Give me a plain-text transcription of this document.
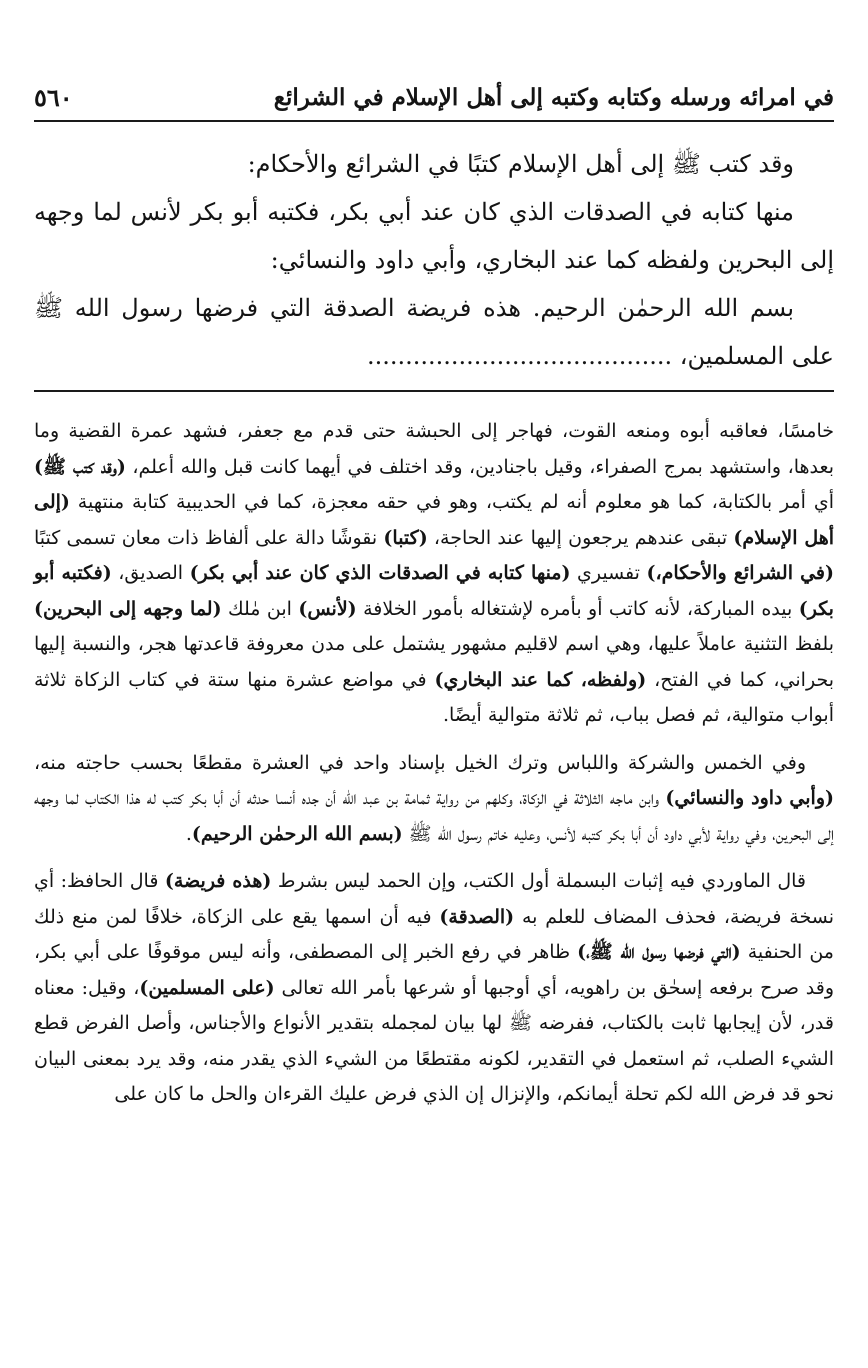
في امرائه ورسله وكتابه وكتبه إلى أهل الإسلام في الشرائع
٥٦٠

وقد كتب ﷺ إلى أهل الإسلام كتبًا في الشرائع والأحكام:

منها كتابه في الصدقات الذي كان عند أبي بكر، فكتبه أبو بكر لأنس لما وجهه إلى البحرين ولفظه كما عند البخاري، وأبي داود والنسائي:

بسم الله الرحمٰن الرحيم. هذه فريضة الصدقة التي فرضها رسول الله ﷺ على المسلمين، ........................................

خامسًا، فعاقبه أبوه ومنعه القوت، فهاجر إلى الحبشة حتى قدم مع جعفر، فشهد عمرة القضية وما بعدها، واستشهد بمرج الصفراء، وقيل باجنادين، وقد اختلف في أيهما كانت قبل والله أعلم، (وقد كتب ﷺ) أي أمر بالكتابة، كما هو معلوم أنه لم يكتب، وهو في حقه معجزة، كما في الحديبية كتابة منتهية (إلى أهل الإسلام) تبقى عندهم يرجعون إليها عند الحاجة، (كتبا) نقوشًا دالة على ألفاظ ذات معان تسمى كتبًا (في الشرائع والأحكام،) تفسيري (منها كتابه في الصدقات الذي كان عند أبي بكر) الصديق، (فكتبه أبو بكر) بيده المباركة، لأنه كاتب أو بأمره لإشتغاله بأمور الخلافة (لأنس) ابن مٰلك (لما وجهه إلى البحرين) بلفظ التثنية عاملاً عليها، وهي اسم لاقليم مشهور يشتمل على مدن معروفة قاعدتها هجر، والنسبة إليها بحراني، كما في الفتح، (ولفظه، كما عند البخاري) في مواضع عشرة منها ستة في كتاب الزكاة ثلاثة أبواب متوالية، ثم فصل بباب، ثم ثلاثة متوالية أيضًا.

وفي الخمس والشركة واللباس وترك الخيل بإسناد واحد في العشرة مقطعًا بحسب حاجته منه، (وأبي داود والنسائي) وابن ماجه الثلاثة في الزكاة، وكلهم من رواية ثمامة بن عبد الله أن جده أنسا حدثه أن أبا بكر كتب له هذا الكتاب لما وجهه إلى البحرين، وفي رواية لأبي داود أن أبا بكر كتبه لأنس، وعليه خاتم رسول الله ﷺ (بسم الله الرحمٰن الرحيم).

قال الماوردي فيه إثبات البسملة أول الكتب، وإن الحمد ليس بشرط (هذه فريضة) قال الحافظ: أي نسخة فريضة، فحذف المضاف للعلم به (الصدقة) فيه أن اسمها يقع على الزكاة، خلافًا لمن منع ذلك من الحنفية (التي فرضها رسول الله ﷺ،) ظاهر في رفع الخبر إلى المصطفى، وأنه ليس موقوفًا على أبي بكر، وقد صرح برفعه إسحٰق بن راهويه، أي أوجبها أو شرعها بأمر الله تعالى (على المسلمين)، وقيل: معناه قدر، لأن إيجابها ثابت بالكتاب، ففرضه ﷺ لها بيان لمجمله بتقدير الأنواع والأجناس، وأصل الفرض قطع الشيء الصلب، ثم استعمل في التقدير، لكونه مقتطعًا من الشيء الذي يقدر منه، وقد يرد بمعنى البيان نحو قد فرض الله لكم تحلة أيمانكم، والإنزال إن الذي فرض عليك القرءان والحل ما كان على
